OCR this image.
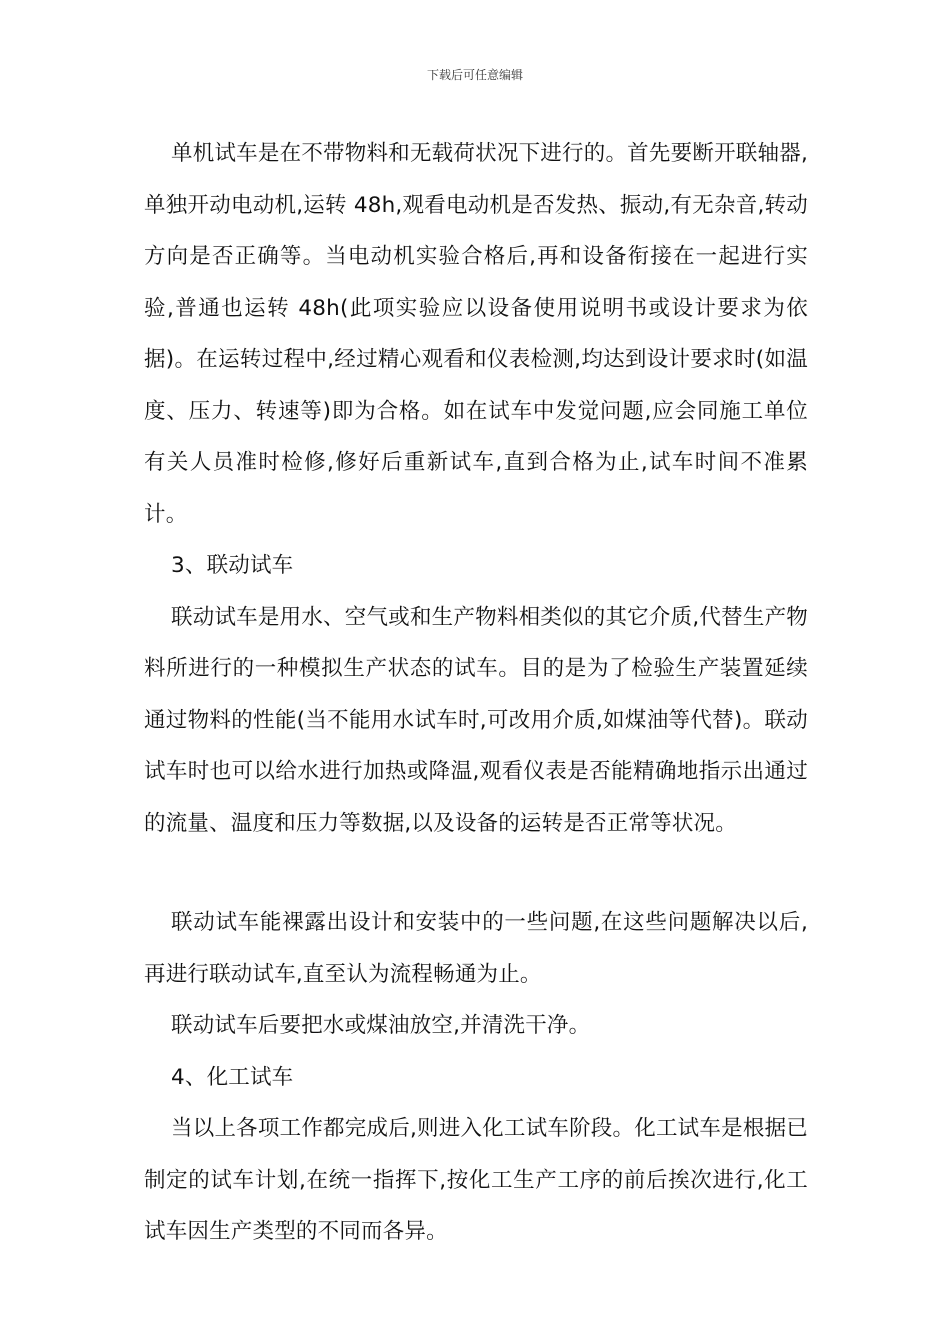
下载后可任意编辑

单机试车是在不带物料和无载荷状况下进行的。首先要断开联轴器,单独开动电动机,运转 48h,观看电动机是否发热、振动,有无杂音,转动方向是否正确等。当电动机实验合格后,再和设备衔接在一起进行实验,普通也运转 48h(此项实验应以设备使用说明书或设计要求为依据)。在运转过程中,经过精心观看和仪表检测,均达到设计要求时(如温度、压力、转速等)即为合格。如在试车中发觉问题,应会同施工单位有关人员准时检修,修好后重新试车,直到合格为止,试车时间不准累计。

3、联动试车

联动试车是用水、空气或和生产物料相类似的其它介质,代替生产物料所进行的一种模拟生产状态的试车。目的是为了检验生产装置延续通过物料的性能(当不能用水试车时,可改用介质,如煤油等代替)。联动试车时也可以给水进行加热或降温,观看仪表是否能精确地指示出通过的流量、温度和压力等数据,以及设备的运转是否正常等状况。

联动试车能裸露出设计和安装中的一些问题,在这些问题解决以后,再进行联动试车,直至认为流程畅通为止。

联动试车后要把水或煤油放空,并清洗干净。

4、化工试车

当以上各项工作都完成后,则进入化工试车阶段。化工试车是根据已制定的试车计划,在统一指挥下,按化工生产工序的前后挨次进行,化工试车因生产类型的不同而各异。
